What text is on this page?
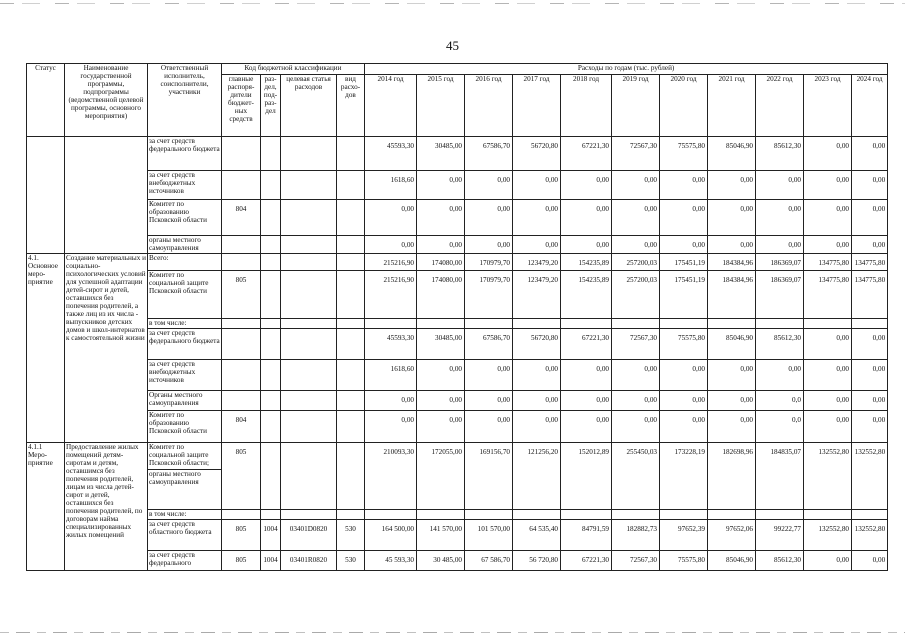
45
Статус	Наименование государственной программы, подпрограммы (ведомственной целевой программы, основного мероприятия)	Ответственный исполнитель, соисполнители, участники	Код бюджетной классификации				Расходы по годам (тыс. рублей)										
			главные распоря-дители бюджет-ных средств	раз-дел, под-раз-дел	целевая статья расходов	вид расхо-дов	2014 год	2015 год	2016 год	2017 год	2018 год	2019 год	2020 год	2021 год	2022 год	2023 год	2024 год
		за счет средств федерального бюджета					45593,30	30485,00	67586,70	56720,80	67221,30	72567,30	75575,80	85046,90	85612,30	0,00	0,00
		за счет средств внебюджетных источников					1618,60	0,00	0,00	0,00	0,00	0,00	0,00	0,00	0,00	0,00	0,00
		Комитет по образованию Псковской области	804				0,00	0,00	0,00	0,00	0,00	0,00	0,00	0,00	0,00	0,00	0,00
		органы местного самоуправления					0,00	0,00	0,00	0,00	0,00	0,00	0,00	0,00	0,00	0,00	0,00
4.1. Основное меро-приятие	Создание материальных и социально-психологических условий для успешной адаптации детей-сирот и детей, оставшихся без попечения родителей, а также лиц из их числа - выпускников детских домов и школ-интернатов к самостоятельной жизни	Всего:					215216,90	174080,00	170979,70	123479,20	154235,89	257200,03	175451,19	184384,96	186369,07	134775,80	134775,80
		Комитет по социальной защите Псковской области	805				215216,90	174080,00	170979,70	123479,20	154235,89	257200,03	175451,19	184384,96	186369,07	134775,80	134775,80
		в том числе:															
		за счет средств федерального бюджета					45593,30	30485,00	67586,70	56720,80	67221,30	72567,30	75575,80	85046,90	85612,30	0,00	0,00
		за счет средств внебюджетных источников					1618,60	0,00	0,00	0,00	0,00	0,00	0,00	0,00	0,00	0,00	0,00
		Органы местного самоуправления					0,00	0,00	0,00	0,00	0,00	0,00	0,00	0,00	0,0	0,00	0,00
		Комитет по образованию Псковской области	804				0,00	0,00	0,00	0,00	0,00	0,00	0,00	0,00	0,0	0,00	0,00
4.1.1 Меро-приятие	Предоставление жилых помещений детям-сиротам и детям, оставшимся без попечения родителей, лицам из числа детей-сирот и детей, оставшихся без попечения родителей, по договорам найма специализированных жилых помещений	Комитет по социальной защите Псковской области;
органы местного самоуправления	805				210093,30	172055,00	169156,70	121256,20	152012,89	255450,03	173228,19	182698,96	184835,07	132552,80	132552,80
		в том числе:															
		за счет средств областного бюджета	805	1004	03401D0820	530	164 500,00	141 570,00	101 570,00	64 535,40	84791,59	182882,73	97652,39	97652,06	99222,77	132552,80	132552,80
		за счет средств федерального	805	1004	03401R0820	530	45 593,30	30 485,00	67 586,70	56 720,80	67221,30	72567,30	75575,80	85046,90	85612,30	0,00	0,00
